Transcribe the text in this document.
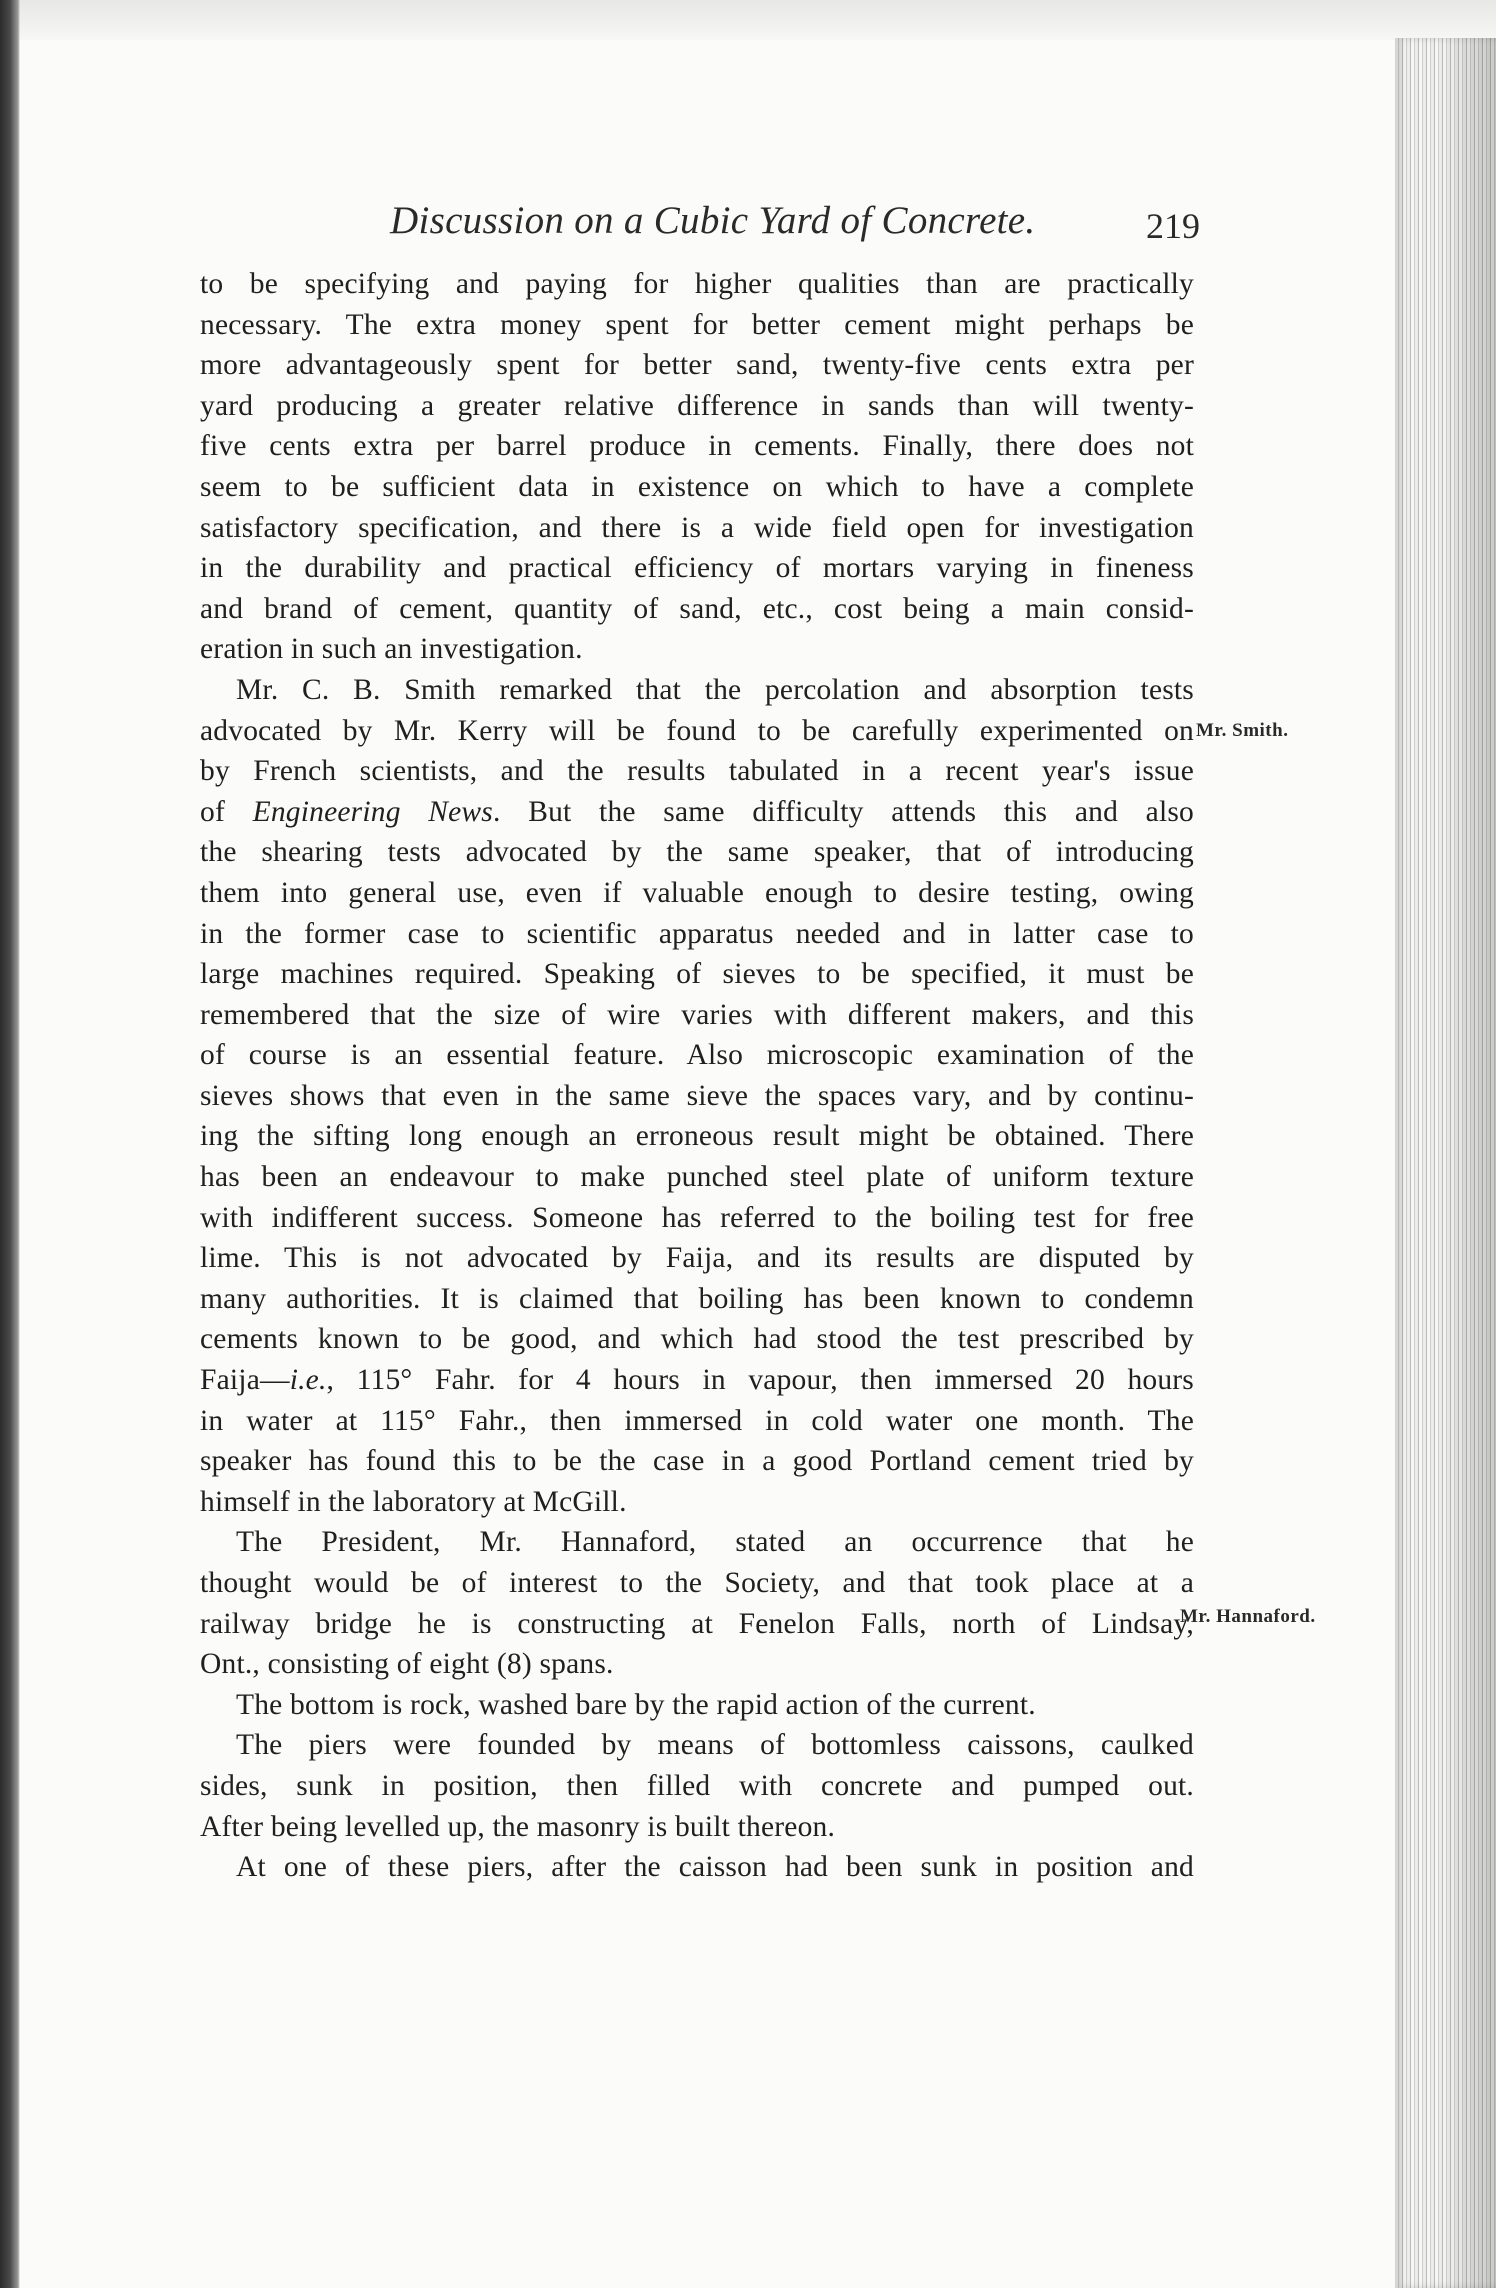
Discussion on a Cubic Yard of Concrete.	219
to be specifying and paying for higher qualities than are practically
necessary. The extra money spent for better cement might perhaps be
more advantageously spent for better sand, twenty-five cents extra per
yard producing a greater relative difference in sands than will twenty-
five cents extra per barrel produce in cements. Finally, there does not
seem to be sufficient data in existence on which to have a complete
satisfactory specification, and there is a wide field open for investigation
in the durability and practical efficiency of mortars varying in fineness
and brand of cement, quantity of sand, etc., cost being a main consid-
eration in such an investigation.
Mr. C. B. Smith remarked that the percolation and absorption tests
advocated by Mr. Kerry will be found to be carefully experimented on
by French scientists, and the results tabulated in a recent year's issue
of Engineering News. But the same difficulty attends this and also
the shearing tests advocated by the same speaker, that of introducing
them into general use, even if valuable enough to desire testing, owing
in the former case to scientific apparatus needed and in latter case to
large machines required. Speaking of sieves to be specified, it must be
remembered that the size of wire varies with different makers, and this
of course is an essential feature. Also microscopic examination of the
sieves shows that even in the same sieve the spaces vary, and by continu-
ing the sifting long enough an erroneous result might be obtained. There
has been an endeavour to make punched steel plate of uniform texture
with indifferent success. Someone has referred to the boiling test for free
lime. This is not advocated by Faija, and its results are disputed by
many authorities. It is claimed that boiling has been known to condemn
cements known to be good, and which had stood the test prescribed by
Faija—i.e., 115° Fahr. for 4 hours in vapour, then immersed 20 hours
in water at 115° Fahr., then immersed in cold water one month. The
speaker has found this to be the case in a good Portland cement tried by
himself in the laboratory at McGill.
The President, Mr. Hannaford, stated an occurrence that he
thought would be of interest to the Society, and that took place at a
railway bridge he is constructing at Fenelon Falls, north of Lindsay,
Ont., consisting of eight (8) spans.
The bottom is rock, washed bare by the rapid action of the current.
The piers were founded by means of bottomless caissons, caulked
sides, sunk in position, then filled with concrete and pumped out.
After being levelled up, the masonry is built thereon.
At one of these piers, after the caisson had been sunk in position and
Mr. Smith.
Mr. Hannaford.
